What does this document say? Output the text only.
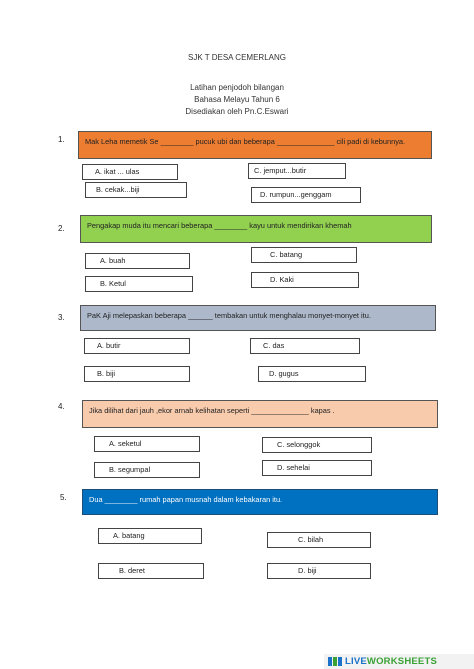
SJK T DESA CEMERLANG
Latihan penjodoh bilangan
Bahasa Melayu Tahun 6
Disediakan oleh Pn.C.Eswari
1.	Mak Leha memetik Se ________ pucuk ubi dan beberapa ______________ cili padi di kebunnya.
A. ikat ... ulas	C. jemput...butir
B. cekak...biji
D. rumpun...genggam
2.	Pengakap muda itu mencari beberapa ________ kayu untuk mendirikan khemah
A. buah
C. batang
B. Ketul	D. Kaki
3.	PaK Aji melepaskan beberapa ______ tembakan untuk menghalau monyet-monyet itu.
A. butir	C. das
B. biji	D. gugus
4.	Jika dilihat dari jauh ,ekor arnab kelihatan seperti ______________ kapas .
A. seketul	C. selonggok
B. segumpal	D. sehelai
5.	Dua ________ rumah papan musnah dalam kebakaran itu.
A. batang	C. bilah
B. deret	D. biji
LIVEWORKSHEETS
